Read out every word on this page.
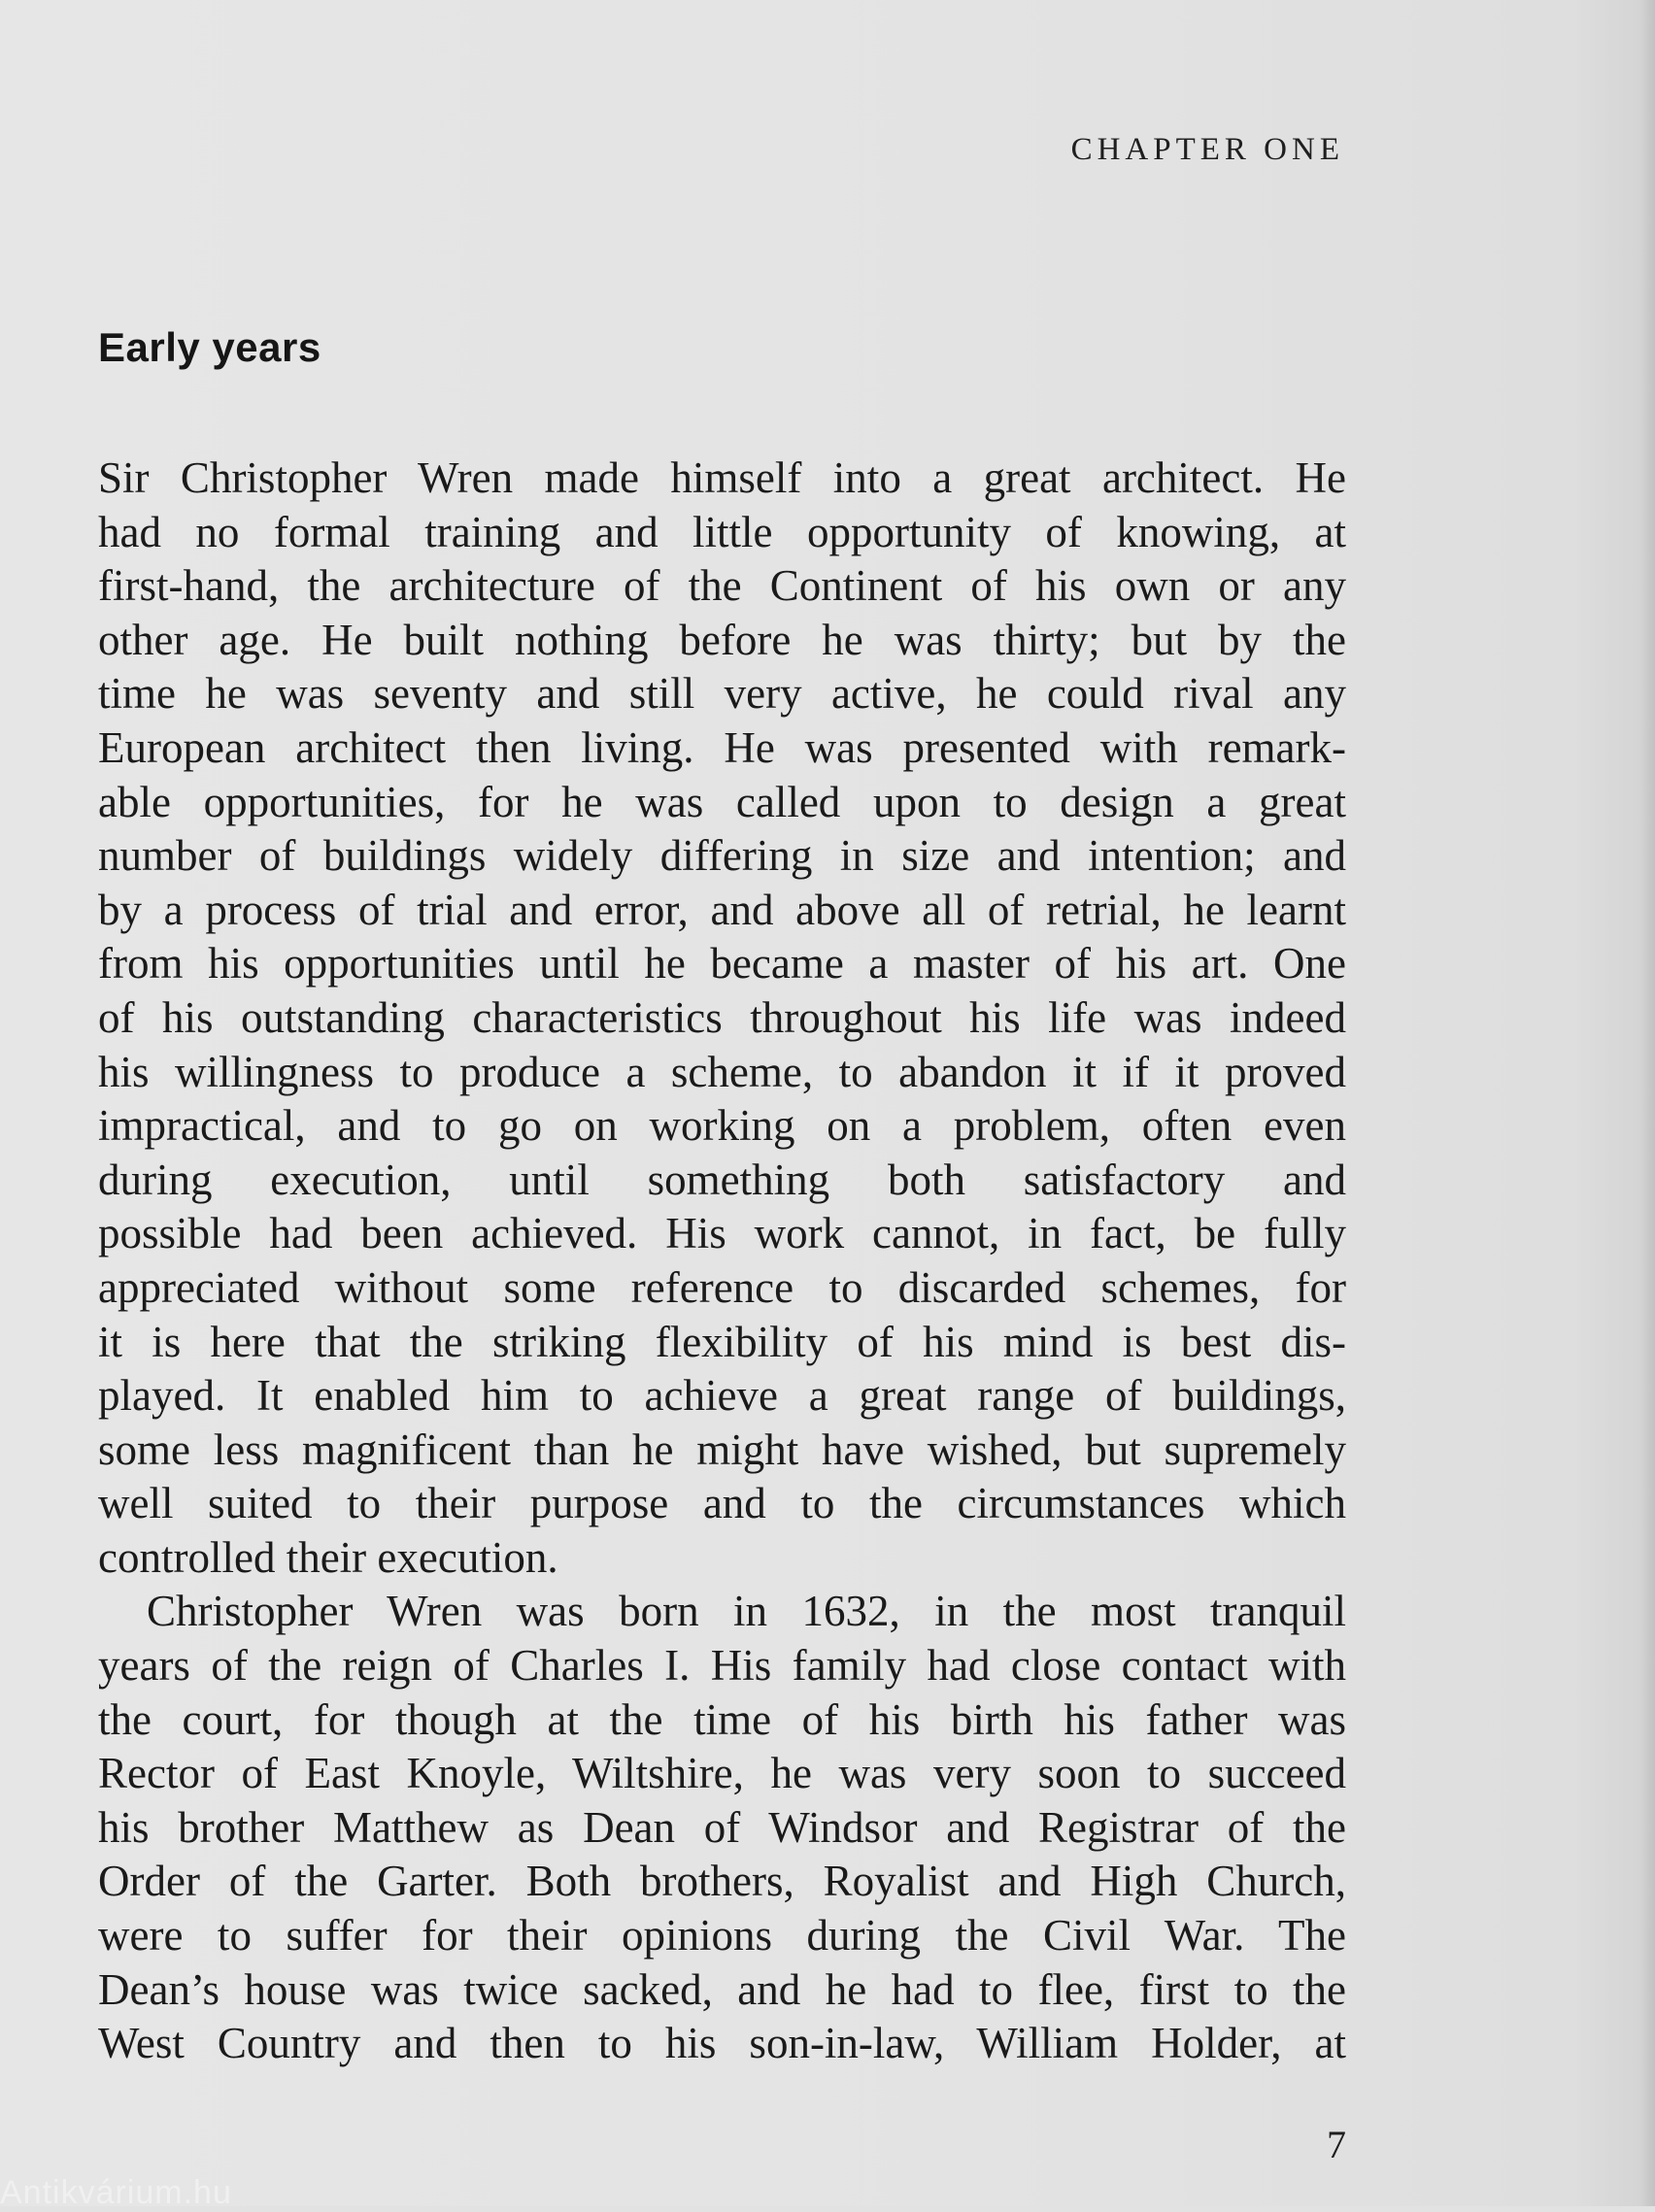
CHAPTER ONE
Early years
Sir Christopher Wren made himself into a great architect. He
had no formal training and little opportunity of knowing, at
first-hand, the architecture of the Continent of his own or any
other age. He built nothing before he was thirty; but by the
time he was seventy and still very active, he could rival any
European architect then living. He was presented with remark-
able opportunities, for he was called upon to design a great
number of buildings widely differing in size and intention; and
by a process of trial and error, and above all of retrial, he learnt
from his opportunities until he became a master of his art. One
of his outstanding characteristics throughout his life was indeed
his willingness to produce a scheme, to abandon it if it proved
impractical, and to go on working on a problem, often even
during execution, until something both satisfactory and
possible had been achieved. His work cannot, in fact, be fully
appreciated without some reference to discarded schemes, for
it is here that the striking flexibility of his mind is best dis-
played. It enabled him to achieve a great range of buildings,
some less magnificent than he might have wished, but supremely
well suited to their purpose and to the circumstances which
controlled their execution.
Christopher Wren was born in 1632, in the most tranquil
years of the reign of Charles I. His family had close contact with
the court, for though at the time of his birth his father was
Rector of East Knoyle, Wiltshire, he was very soon to succeed
his brother Matthew as Dean of Windsor and Registrar of the
Order of the Garter. Both brothers, Royalist and High Church,
were to suffer for their opinions during the Civil War. The
Dean’s house was twice sacked, and he had to flee, first to the
West Country and then to his son-in-law, William Holder, at
7
Antikvárium.hu
